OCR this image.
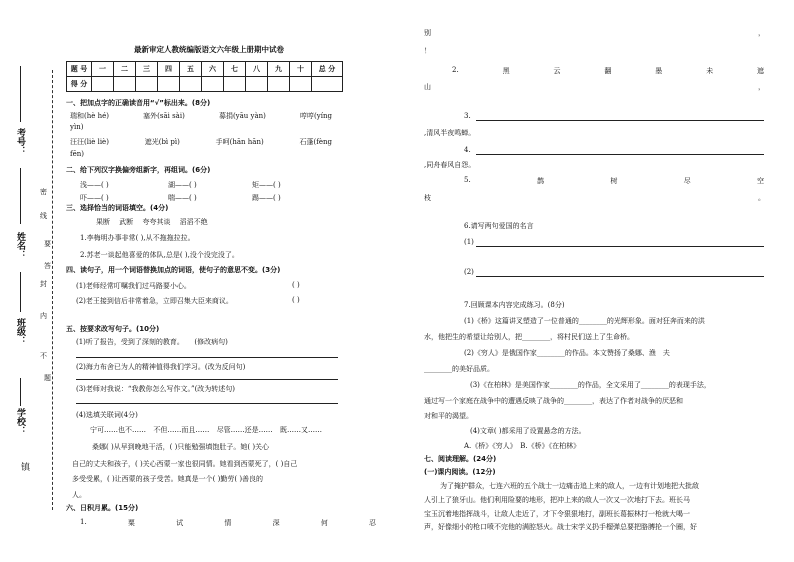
镇
学校：
班级：
姓名：
考号：
密
线
封
内
不
要
答
题
最新审定人教统编版语文六年级上册期中试卷
题 号	一	二	三	四	五	六	七	八	九	十	总 分
得 分											
一、把加点字的正确读音用“√”标出来。(8分)
瑞和(hè hé)	塞外(sāi sài)	募捐(yāu yàn)	哼哼(yíng
yìn)
汪汪(liè liè)	遮光(bì pì)	手呵(hān hān)	石蓬(fèng
fēn)
二、给下列汉字换偏旁组新字，再组词。(6分)
浅——( )	湖——( )	矩——( )
吓——( )	喘——( )	踢——( )
三、选择恰当的词语填空。(4分)
果断　 武断　 夸夸其谈　 滔滔不绝
1.李梅明办事非常( ),从不拖拖拉拉。
2.苏老一谈起他喜爱的体队,总是( ),没个没完没了。
四、读句子，用一个词语替换加点的词语，使句子的意思不变。(3分)
(1)老师经常叮嘱我们过马路要小心。	( )
(2)老王接到信后非常着急，立即召集大臣来商议。	( )
五、按要求改写句子。(10分)
(1)听了报告，受到了深刻的教育。　　(修改病句)
(2)海力布舍已为人的精神值得我们学习。(改为反问句)
(3)老师对我说：“我教你怎么写作文。”(改为转述句)
(4)选填关联词(4分)
宁可……也不…… 不但……而且…… 尽管……还是…… 既……又……
桑娜( )从早到晚地干活，( )只能勉强填饱肚子。她( )关心
自己的丈夫和孩子，( )关心西蒙一家也很同情。她看到西蒙死了，( )自己
多受受累，( )让西蒙的孩子受苦。她真是一个( )勤劳( )善良的
人。
六、日积月累。(15分)
1.	粟	试	情	深	何	忍
别	，
！
2.	黑	云	翻	墨	未	遮
山	，
3.
,清风半夜鸣蝉。
4.
,同舟春风自怨。
5.	鹊	树	尽	空
枝	。
6.请写两句爱国的名言
(1)
(2)
7.回顾课本内容完成练习。(8分)
(1)《桥》这篇讲叉塑造了一位普通的________的光辉形象。面对狂奔而来的洪
水，他把生的希望让给别人，把________，将村民们送上了生命桥。
(2)《穷人》是俄国作家________的作品。本文赞扬了桑娜、渔　夫
________的美好品质。
(3)《在柏林》是美国作家________的作品，全文采用了________的表现手法，
通过写一个家庭在战争中的遭遇反映了战争的________，表达了作者对战争的厌恶和
对和平的渴望。
(4)文章( )都采用了设置悬念的方法。
A.《桥》《穷人》　B.《桥》《在柏林》
七、阅读理解。(24分)
(一)课内阅读。(12分)
为了掩护群众，七连六班的五个战士一边痛击追上来的敌人，一边有计划地把大批敌
人引上了狼牙山。他们利用险要的地形，把冲上来的敌人一次又一次地打下去。班长马
宝玉沉着地指挥战斗，让敌人走近了，才下令狠狠地打，副班长葛振林打一枪就大喝一
声，好像细小的枪口喷不完他的满腔怒火。战士宋学义扔手榴弹总要把胳膊抡一个圈，好
